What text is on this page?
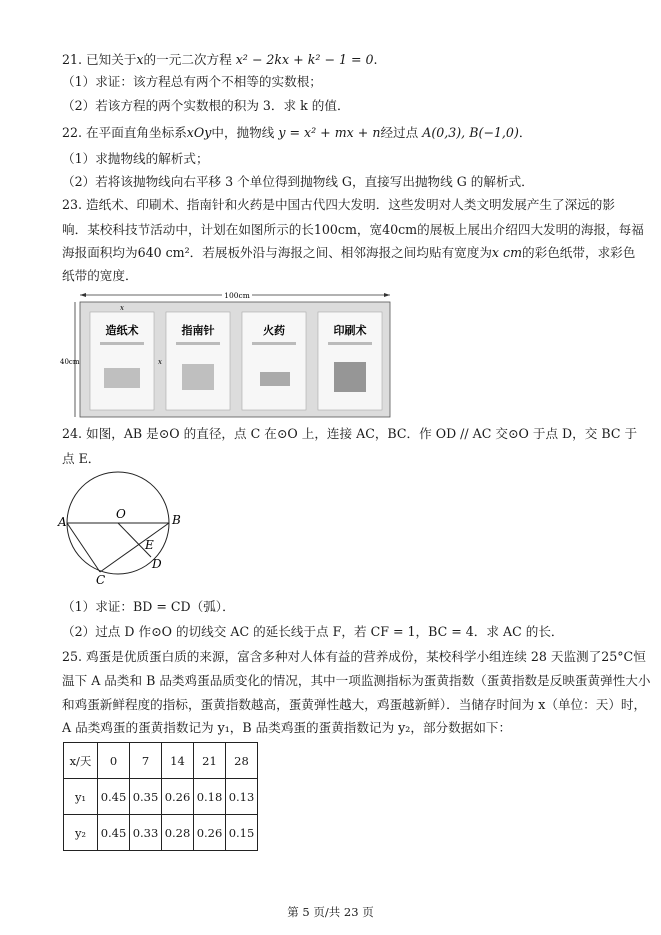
21. 已知关于x的一元二次方程 x² − 2kx + k² − 1 = 0.
（1）求证：该方程总有两个不相等的实数根；
（2）若该方程的两个实数根的积为 3．求 k 的值．
22. 在平面直角坐标系xOy中，抛物线 y = x² + mx + n经过点 A(0,3), B(−1,0)．
（1）求抛物线的解析式；
（2）若将该抛物线向右平移 3 个单位得到抛物线 G，直接写出抛物线 G 的解析式．
23. 造纸术、印刷术、指南针和火药是中国古代四大发明．这些发明对人类文明发展产生了深远的影
响．某校科技节活动中，计划在如图所示的长100cm，宽40cm的展板上展出介绍四大发明的海报，每福
海报面积均为640 cm²．若展板外沿与海报之间、相邻海报之间均贴有宽度为x cm的彩色纸带，求彩色
纸带的宽度．
100cm
40cm
x
x
造纸术	指南针	火药	印刷术
24. 如图，AB 是⊙O 的直径，点 C 在⊙O 上，连接 AC，BC．作 OD // AC 交⊙O 于点 D，交 BC 于
点 E．
A	B
O
E
D
C
（1）求证：BD = CD（弧）．
（2）过点 D 作⊙O 的切线交 AC 的延长线于点 F，若 CF = 1，BC = 4．求 AC 的长．
25. 鸡蛋是优质蛋白质的来源，富含多种对人体有益的营养成份，某校科学小组连续 28 天监测了25°C恒
温下 A 品类和 B 品类鸡蛋品质变化的情况，其中一项监测指标为蛋黄指数（蛋黄指数是反映蛋黄弹性大小
和鸡蛋新鲜程度的指标，蛋黄指数越高，蛋黄弹性越大，鸡蛋越新鲜）．当储存时间为 x（单位：天）时，
A 品类鸡蛋的蛋黄指数记为 y₁，B 品类鸡蛋的蛋黄指数记为 y₂，部分数据如下：
x/天	0	7	14	21	28
y₁	0.45	0.35	0.26	0.18	0.13
y₂	0.45	0.33	0.28	0.26	0.15
第 5 页/共 23 页
